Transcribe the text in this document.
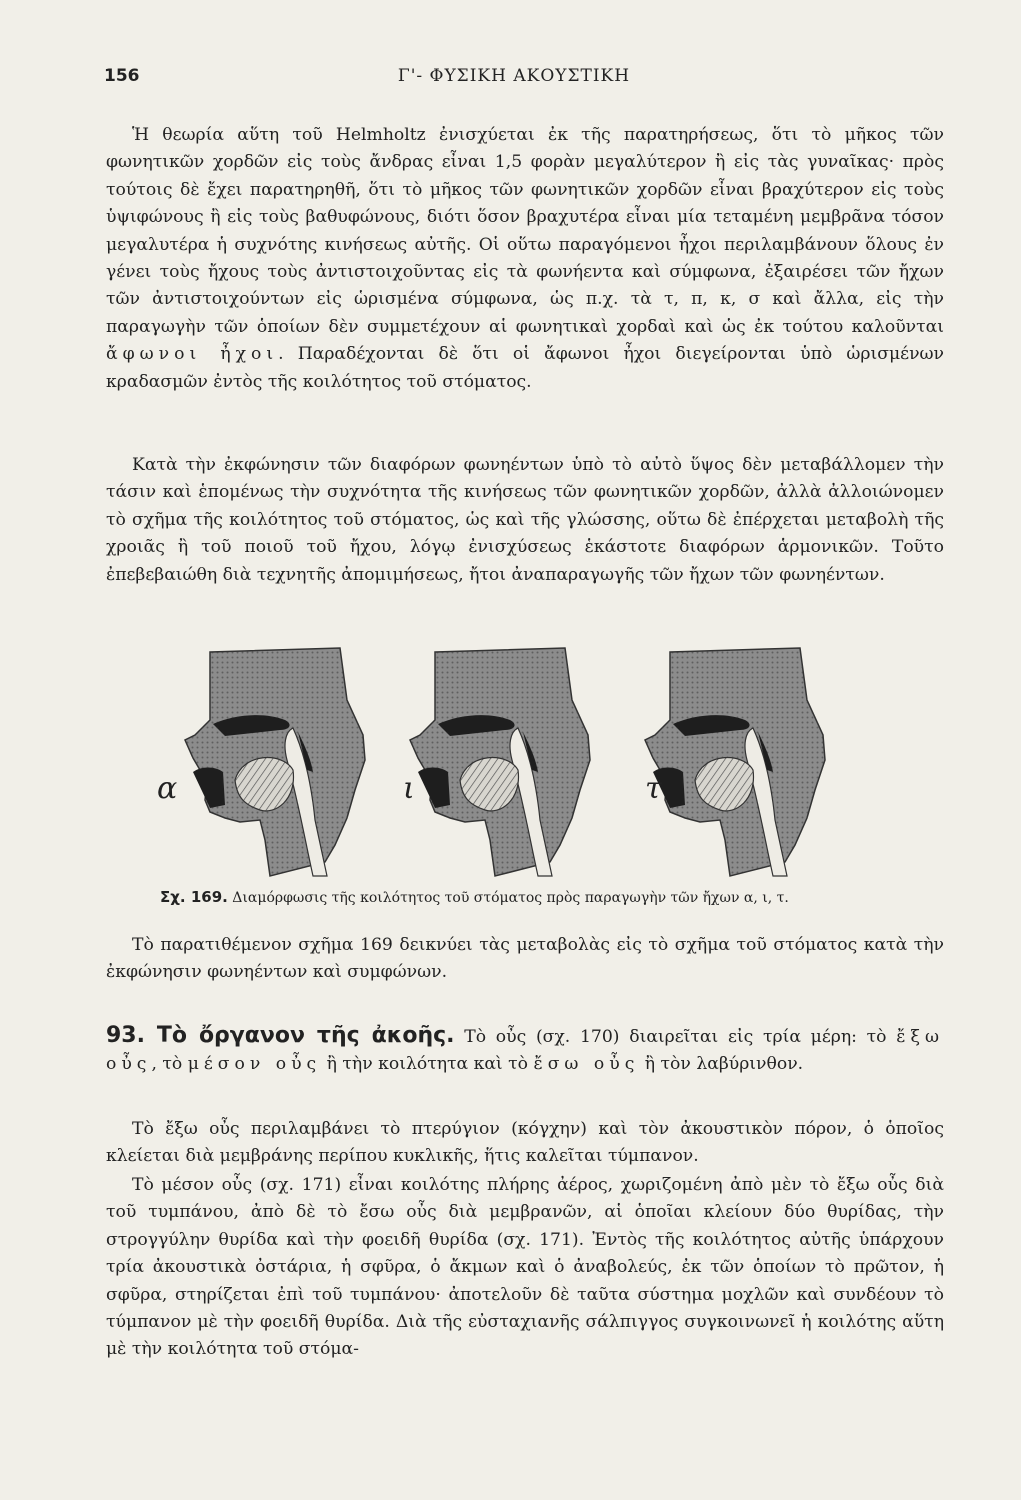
156	Γ'- ΦΥΣΙΚΗ ΑΚΟΥΣΤΙΚΗ

Ἡ θεωρία αὕτη τοῦ Helmholtz ἐνισχύεται ἐκ τῆς παρατηρήσεως, ὅτι τὸ μῆκος τῶν φωνητικῶν χορδῶν εἰς τοὺς ἄνδρας εἶναι 1,5 φορὰν μεγαλύτερον ἢ εἰς τὰς γυναῖκας· πρὸς τούτοις δὲ ἔχει παρατηρηθῆ, ὅτι τὸ μῆκος τῶν φωνητικῶν χορδῶν εἶναι βραχύτερον εἰς τοὺς ὑψιφώνους ἢ εἰς τοὺς βαθυφώνους, διότι ὅσον βραχυτέρα εἶναι μία τεταμένη μεμβρᾶνα τόσον μεγαλυτέρα ἡ συχνότης κινήσεως αὐτῆς. Οἱ οὕτω παραγόμενοι ἦχοι περιλαμβάνουν ὅλους ἐν γένει τοὺς ἤχους τοὺς ἀντιστοιχοῦντας εἰς τὰ φωνήεντα καὶ σύμφωνα, ἐξαιρέσει τῶν ἤχων τῶν ἀντιστοιχούντων εἰς ὡρισμένα σύμφωνα, ὡς π.χ. τὰ τ, π, κ, σ καὶ ἄλλα, εἰς τὴν παραγωγὴν τῶν ὁποίων δὲν συμμετέχουν αἱ φωνητικαὶ χορδαὶ καὶ ὡς ἐκ τούτου καλοῦνται ἄφωνοι ἦχοι. Παραδέχονται δὲ ὅτι οἱ ἄφωνοι ἦχοι διεγείρονται ὑπὸ ὡρισμένων κραδασμῶν ἐντὸς τῆς κοιλότητος τοῦ στόματος.

Κατὰ τὴν ἐκφώνησιν τῶν διαφόρων φωνηέντων ὑπὸ τὸ αὐτὸ ὕψος δὲν μεταβάλλομεν τὴν τάσιν καὶ ἑπομένως τὴν συχνότητα τῆς κινήσεως τῶν φωνητικῶν χορδῶν, ἀλλὰ ἀλλοιώνομεν τὸ σχῆμα τῆς κοιλότητος τοῦ στόματος, ὡς καὶ τῆς γλώσσης, οὕτω δὲ ἐπέρχεται μεταβολὴ τῆς χροιᾶς ἢ τοῦ ποιοῦ τοῦ ἤχου, λόγῳ ἐνισχύσεως ἑκάστοτε διαφόρων ἁρμονικῶν. Τοῦτο ἐπεβεβαιώθη διὰ τεχνητῆς ἀπομιμήσεως, ἤτοι ἀναπαραγωγῆς τῶν ἤχων τῶν φωνηέντων.

α	ι	τ
Σχ. 169. Διαμόρφωσις τῆς κοιλότητος τοῦ στόματος πρὸς παραγωγὴν τῶν ἤχων α, ι, τ.

Τὸ παρατιθέμενον σχῆμα 169 δεικνύει τὰς μεταβολὰς εἰς τὸ σχῆμα τοῦ στόματος κατὰ τὴν ἐκφώνησιν φωνηέντων καὶ συμφώνων.

93. Τὸ ὄργανον τῆς ἀκοῆς. Τὸ οὖς (σχ. 170) διαιρεῖται εἰς τρία μέρη: τὸ ἔξω οὖς, τὸ μέσον οὖς ἢ τὴν κοιλότητα καὶ τὸ ἔσω οὖς ἢ τὸν λαβύρινθον.

Τὸ ἔξω οὖς περιλαμβάνει τὸ πτερύγιον (κόγχην) καὶ τὸν ἀκουστικὸν πόρον, ὁ ὁποῖος κλείεται διὰ μεμβράνης περίπου κυκλικῆς, ἥτις καλεῖται τύμπανον.

Τὸ μέσον οὖς (σχ. 171) εἶναι κοιλότης πλήρης ἀέρος, χωριζομένη ἀπὸ μὲν τὸ ἔξω οὖς διὰ τοῦ τυμπάνου, ἀπὸ δὲ τὸ ἔσω οὖς διὰ μεμβρανῶν, αἱ ὁποῖαι κλείουν δύο θυρίδας, τὴν στρογγύλην θυρίδα καὶ τὴν φοειδῆ θυρίδα (σχ. 171). Ἐντὸς τῆς κοιλότητος αὐτῆς ὑπάρχουν τρία ἀκουστικὰ ὀστάρια, ἡ σφῦρα, ὁ ἄκμων καὶ ὁ ἀναβολεύς, ἐκ τῶν ὁποίων τὸ πρῶτον, ἡ σφῦρα, στηρίζεται ἐπὶ τοῦ τυμπάνου· ἀποτελοῦν δὲ ταῦτα σύστημα μοχλῶν καὶ συνδέουν τὸ τύμπανον μὲ τὴν φοειδῆ θυρίδα. Διὰ τῆς εὐσταχιανῆς σάλπιγγος συγκοινωνεῖ ἡ κοιλότης αὕτη μὲ τὴν κοιλότητα τοῦ στόμα-
